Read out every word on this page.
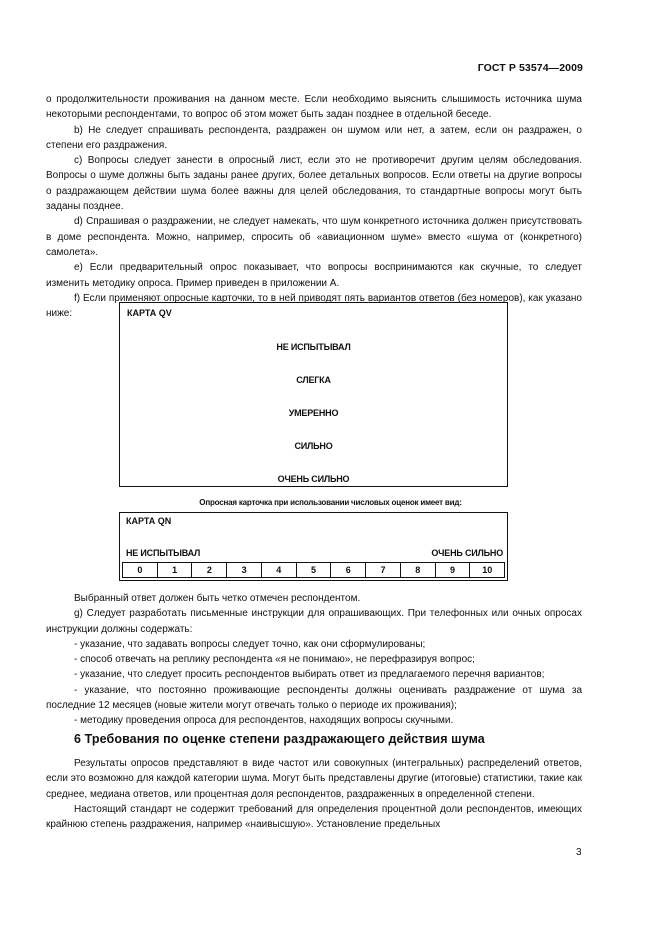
ГОСТ Р 53574—2009

о продолжительности проживания на данном месте. Если необходимо выяснить слышимость источника шума некоторыми респондентами, то вопрос об этом может быть задан позднее в отдельной беседе.

b) Не следует спрашивать респондента, раздражен он шумом или нет, а затем, если он раздражен, о степени его раздражения.

c) Вопросы следует занести в опросный лист, если это не противоречит другим целям обследования. Вопросы о шуме должны быть заданы ранее других, более детальных вопросов. Если ответы на другие вопросы о раздражающем действии шума более важны для целей обследования, то стандартные вопросы могут быть заданы позднее.

d) Спрашивая о раздражении, не следует намекать, что шум конкретного источника должен присутствовать в доме респондента. Можно, например, спросить об «авиационном шуме» вместо «шума от (конкретного) самолета».

e) Если предварительный опрос показывает, что вопросы воспринимаются как скучные, то следует изменить методику опроса. Пример приведен в приложении А.

f) Если применяют опросные карточки, то в ней приводят пять вариантов ответов (без номеров), как указано ниже:	КАРТА QV
НЕ ИСПЫТЫВАЛ
СЛЕГКА
УМЕРЕННО
СИЛЬНО
ОЧЕНЬ СИЛЬНО
Опросная карточка при использовании числовых оценок имеет вид:
КАРТА QN
НЕ ИСПЫТЫВАЛ	ОЧЕНЬ СИЛЬНО
0	1	2	3	4	5	6	7	8	9	10

Выбранный ответ должен быть четко отмечен респондентом.

g) Следует разработать письменные инструкции для опрашивающих. При телефонных или очных опросах инструкции должны содержать:

- указание, что задавать вопросы следует точно, как они сформулированы;

- способ отвечать на реплику респондента «я не понимаю», не перефразируя вопрос;

- указание, что следует просить респондентов выбирать ответ из предлагаемого перечня вариантов;

- указание, что постоянно проживающие респонденты должны оценивать раздражение от шума за последние 12 месяцев (новые жители могут отвечать только о периоде их проживания);

- методику проведения опроса для респондентов, находящих вопросы скучными.

6 Требования по оценке степени раздражающего действия шума

Результаты опросов представляют в виде частот или совокупных (интегральных) распределений ответов, если это возможно для каждой категории шума. Могут быть представлены другие (итоговые) статистики, такие как среднее, медиана ответов, или процентная доля респондентов, раздраженных в определенной степени.

Настоящий стандарт не содержит требований для определения процентной доли респондентов, имеющих крайнюю степень раздражения, например «наивысшую». Установление предельных

3
